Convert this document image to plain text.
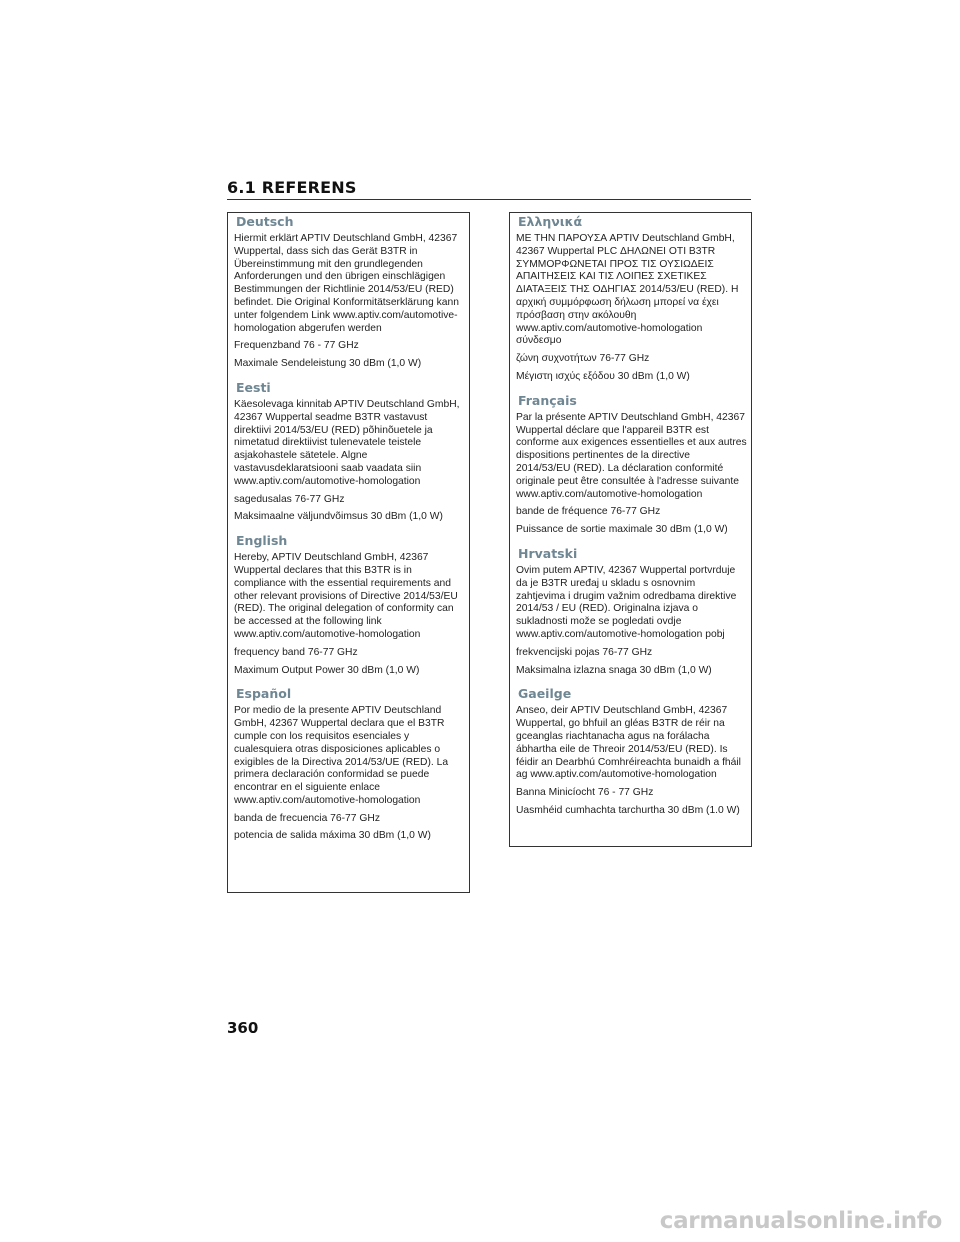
6.1 REFERENS
Deutsch

Hiermit erklärt APTIV Deutschland GmbH, 42367 Wuppertal, dass sich das Gerät B3TR in Übereinstimmung mit den grundlegenden Anforderungen und den übrigen einschlägigen Bestimmungen der Richtlinie 2014/53/EU (RED) befindet. Die Original Konformitätserklärung kann unter folgendem Link www.aptiv.com/automotive-homologation abgerufen werden

Frequenzband 76 - 77 GHz

Maximale Sendeleistung 30 dBm (1,0 W)

Eesti

Käesolevaga kinnitab APTIV Deutschland GmbH, 42367 Wuppertal seadme B3TR vastavust direktiivi 2014/53/EU (RED) põhinõuetele ja nimetatud direktiivist tulenevatele teistele asjakohastele sätetele. Algne vastavusdeklaratsiooni saab vaadata siin www.aptiv.com/automotive-homologation

sagedusalas 76-77 GHz

Maksimaalne väljundvõimsus 30 dBm (1,0 W)

English

Hereby, APTIV Deutschland GmbH, 42367 Wuppertal declares that this B3TR is in compliance with the essential requirements and other relevant provisions of Directive 2014/53/EU (RED). The original delegation of conformity can be accessed at the following link www.aptiv.com/automotive-homologation

frequency band 76-77 GHz

Maximum Output Power 30 dBm (1,0 W)

Español

Por medio de la presente APTIV Deutschland GmbH, 42367 Wuppertal declara que el B3TR cumple con los requisitos esenciales y cualesquiera otras disposiciones aplicables o exigibles de la Directiva 2014/53/UE (RED). La primera declaración conformidad se puede encontrar en el siguiente enlace www.aptiv.com/automotive-homologation

banda de frecuencia 76-77 GHz

potencia de salida máxima 30 dBm (1,0 W)

Ελληνικά

ΜΕ ΤΗΝ ΠΑΡΟΥΣΑ APTIV Deutschland GmbH, 42367 Wuppertal PLC ΔΗΛΩΝΕΙ ΟΤΙ B3TR ΣΥΜΜΟΡΦΩΝΕΤΑΙ ΠΡΟΣ ΤΙΣ ΟΥΣΙΩΔΕΙΣ ΑΠΑΙΤΗΣΕΙΣ ΚΑΙ ΤΙΣ ΛΟΙΠΕΣ ΣΧΕΤΙΚΕΣ ΔΙΑΤΑΞΕΙΣ ΤΗΣ ΟΔΗΓΙΑΣ 2014/53/EU (RED). Η αρχική συμμόρφωση δήλωση μπορεί να έχει πρόσβαση στην ακόλουθη www.aptiv.com/automotive-homologation σύνδεσμο

ζώνη συχνοτήτων 76-77 GHz

Μέγιστη ισχύς εξόδου 30 dBm (1,0 W)

Français

Par la présente APTIV Deutschland GmbH, 42367 Wuppertal déclare que l'appareil B3TR est conforme aux exigences essentielles et aux autres dispositions pertinentes de la directive 2014/53/EU (RED). La déclaration conformité originale peut être consultée à l'adresse suivante www.aptiv.com/automotive-homologation

bande de fréquence 76-77 GHz

Puissance de sortie maximale 30 dBm (1,0 W)

Hrvatski

Ovim putem APTIV, 42367 Wuppertal portvrduje da je B3TR uređaj u skladu s osnovnim zahtjevima i drugim važnim odredbama direktive 2014/53 / EU (RED). Originalna izjava o sukladnosti može se pogledati ovdje www.aptiv.com/automotive-homologation pobj

frekvencijski pojas 76-77 GHz

Maksimalna izlazna snaga 30 dBm (1,0 W)

Gaeilge

Anseo, deir APTIV Deutschland GmbH, 42367 Wuppertal, go bhfuil an gléas B3TR de réir na gceanglas riachtanacha agus na forálacha ábhartha eile de Threoir 2014/53/EU (RED). Is féidir an Dearbhú Comhréireachta bunaidh a fháil ag www.aptiv.com/automotive-homologation

Banna Minicíocht 76 - 77 GHz

Uasmhéid cumhachta tarchurtha 30 dBm (1.0 W)

360

carmanualsonline.info
